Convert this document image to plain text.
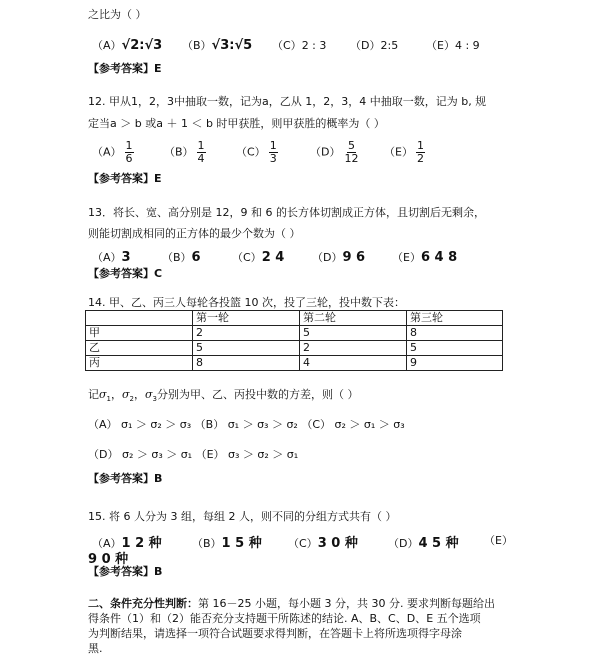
之比为（ ）
（A）√2:√3 （B）√3:√5 （C）2 : 3 （D）2:5	（E）4 : 9
【参考答案】E
12. 甲从1，2，3中抽取一数，记为a，乙从 1，2，3，4 中抽取一数，记为 b, 规
定当a ＞ b 或a ＋ 1 ＜ b 时甲获胜，则甲获胜的概率为（ ）
$(A) \frac{1}{6}$	$(B) \frac{1}{4}$	$(C) \frac{1}{3}$	$(D) \frac{5}{12} (E) \frac{1}{2}$
【参考答案】E
13．将长、宽、高分别是 12，9 和 6 的长方体切割成正方体，且切割后无剩余，
则能切割成相同的正方体的最少个数为（ ）
（A）3	（B）6	（C）2 4	（D）9 6 （E）6 4 8
【参考答案】C
14. 甲、乙、丙三人每轮各投篮 10 次，投了三轮，投中数下表：
	第一轮	第二轮	第三轮
甲	2	5	8
乙	5	2	5
丙	8	4	9
记$\sigma_1$，$\sigma_2$，$\sigma_3$分别为甲、乙、丙投中数的方差，则（ ）
（A） σ₁ ＞ σ₂ ＞ σ₃ （B） σ₁ ＞ σ₃ ＞ σ₂ （C） σ₂ ＞ σ₁ ＞ σ₃
（D） σ₂ ＞ σ₃ ＞ σ₁ （E） σ₃ ＞ σ₂ ＞ σ₁
【参考答案】B
15. 将 6 人分为 3 组，每组 2 人，则不同的分组方式共有（ ）
（A）1 2 种	（B）1 5 种 （C）3 0 种	（D）4 5 种 （E）
9 0 种
【参考答案】B
二、条件充分性判断：第 16－25 小题，每小题 3 分，共 30 分. 要求判断每题给出
得条件（1）和（2）能否充分支持题干所陈述的结论. A、B、C、D、E 五个选项
为判断结果，请选择一项符合试题要求得判断，在答题卡上将所选项得字母涂
黑.
